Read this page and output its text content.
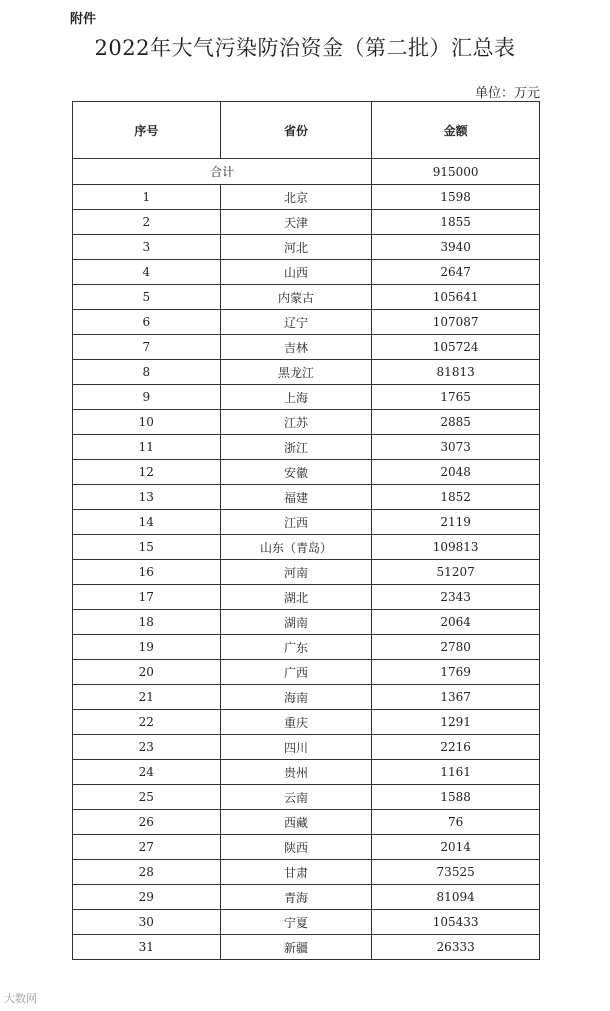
附件
2022年大气污染防治资金（第二批）汇总表
单位：万元
序号	省份	金额
合计		915000
1	北京	1598
2	天津	1855
3	河北	3940
4	山西	2647
5	内蒙古	105641
6	辽宁	107087
7	吉林	105724
8	黑龙江	81813
9	上海	1765
10	江苏	2885
11	浙江	3073
12	安徽	2048
13	福建	1852
14	江西	2119
15	山东（青岛）	109813
16	河南	51207
17	湖北	2343
18	湖南	2064
19	广东	2780
20	广西	1769
21	海南	1367
22	重庆	1291
23	四川	2216
24	贵州	1161
25	云南	1588
26	西藏	76
27	陕西	2014
28	甘肃	73525
29	青海	81094
30	宁夏	105433
31	新疆	26333
大数网
